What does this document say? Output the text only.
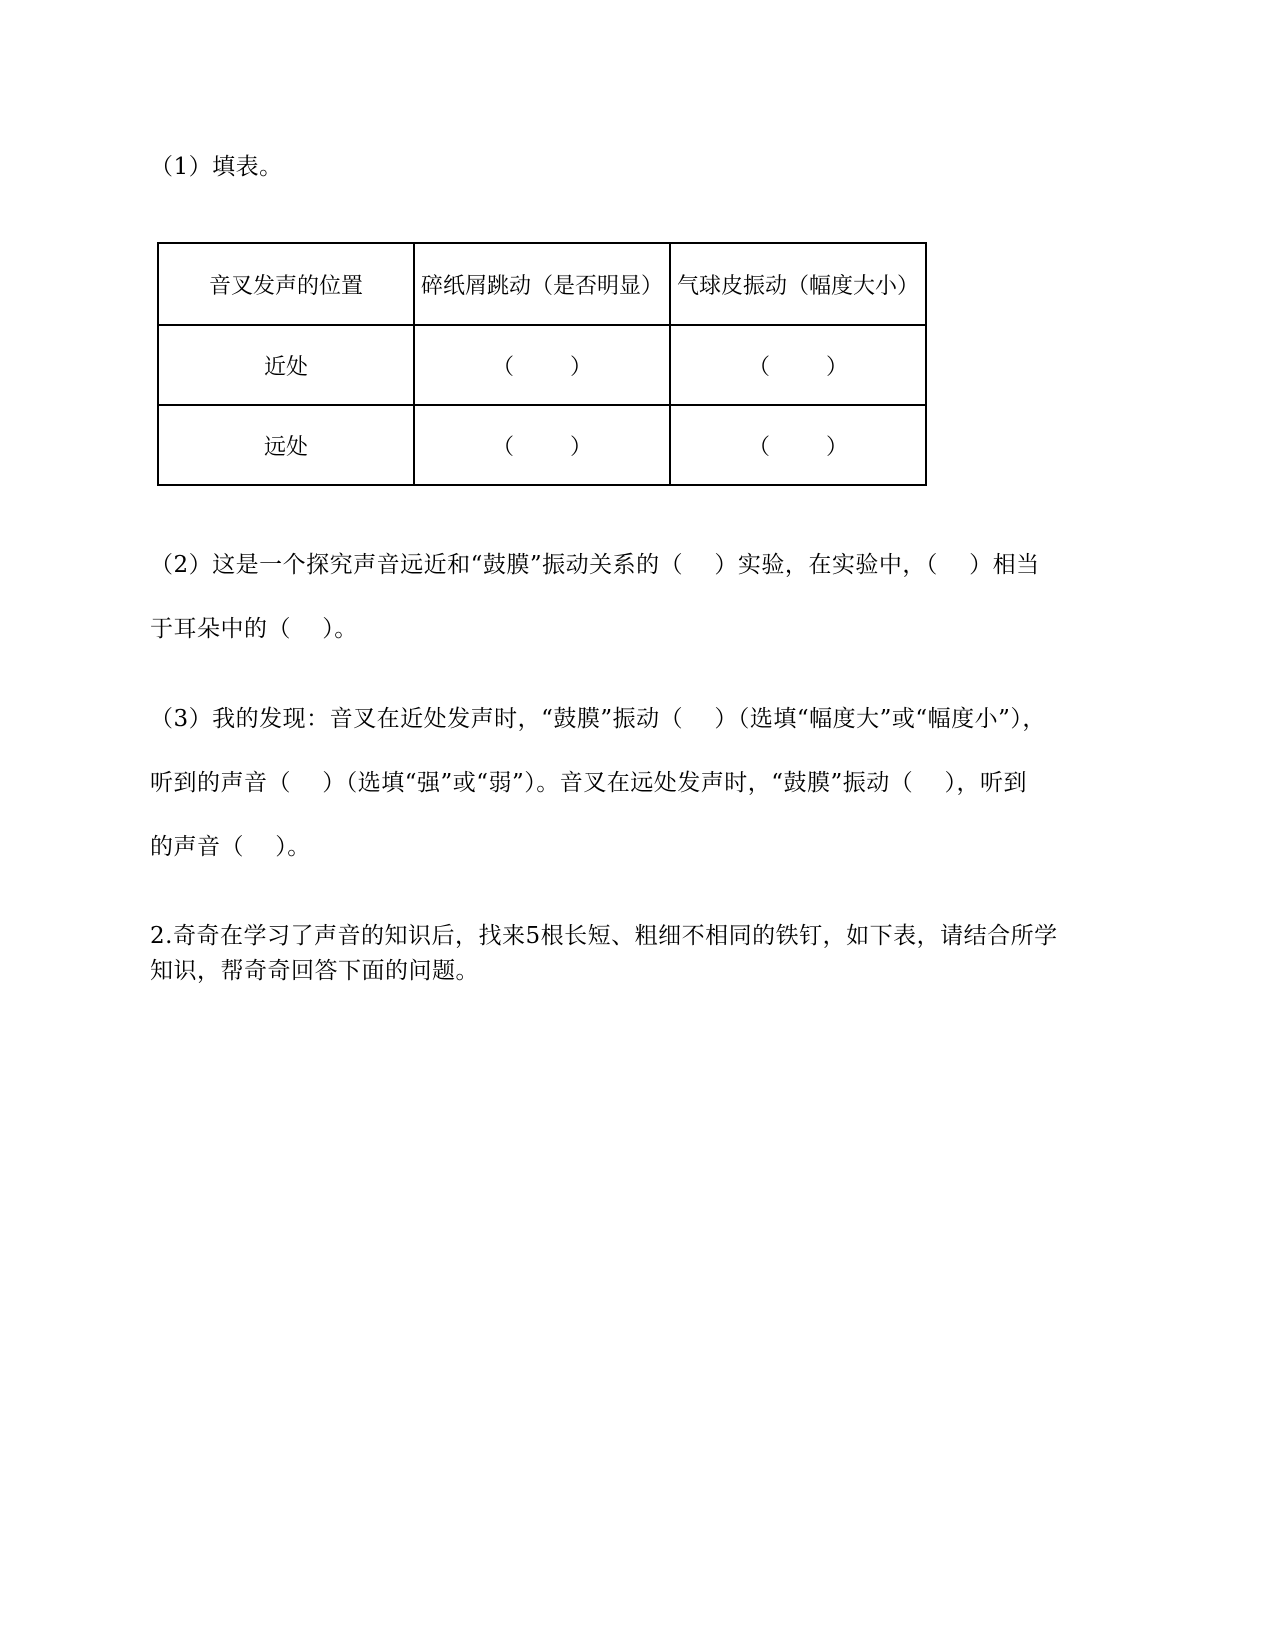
（1）填表。
音叉发声的位置	碎纸屑跳动（是否明显）	气球皮振动（幅度大小）
近处	（        ）	（        ）
远处	（        ）	（        ）
（2）这是一个探究声音远近和“鼓膜”振动关系的（    ）实验，在实验中，（    ）相当
于耳朵中的（    ）。
（3）我的发现：音叉在近处发声时，“鼓膜”振动（    ）（选填“幅度大”或“幅度小”），
听到的声音（    ）（选填“强”或“弱”）。音叉在远处发声时，“鼓膜”振动（    ），听到
的声音（    ）。
2.奇奇在学习了声音的知识后，找来5根长短、粗细不相同的铁钉，如下表，请结合所学
知识，帮奇奇回答下面的问题。
